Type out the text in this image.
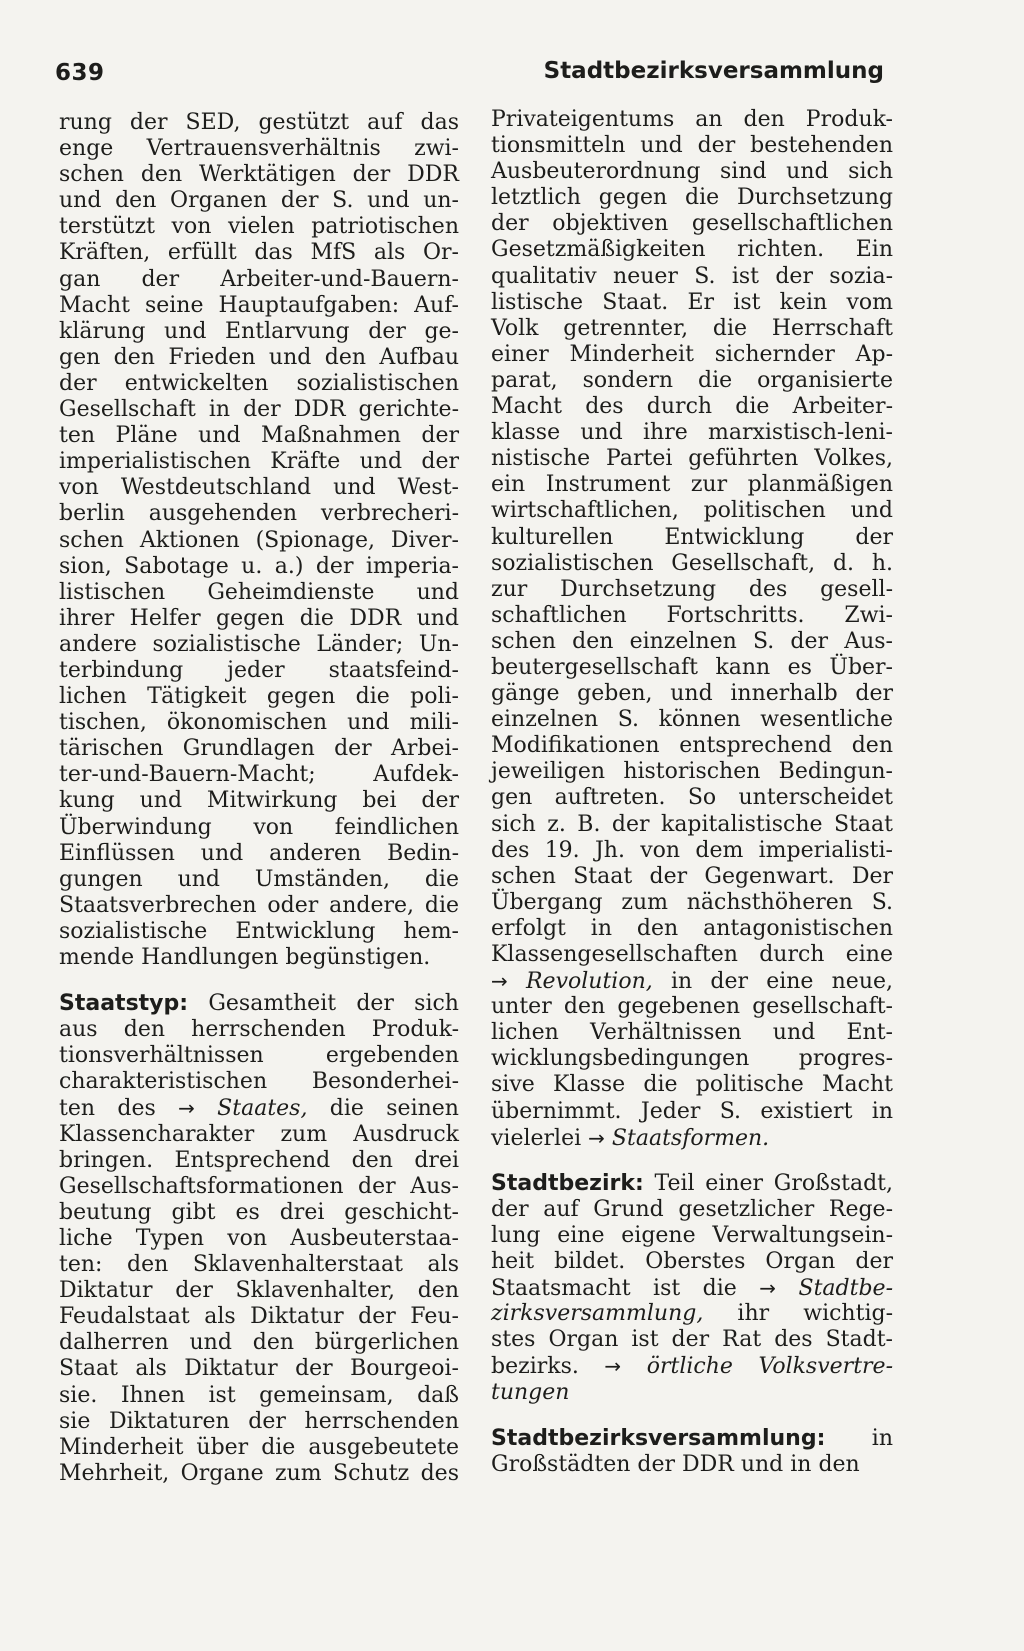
639	Stadtbezirksversammlung
rung der SED, gestützt auf das
enge Vertrauensverhältnis zwi-
schen den Werktätigen der DDR
und den Organen der S. und un-
terstützt von vielen patriotischen
Kräften, erfüllt das MfS als Or-
gan der Arbeiter-und-Bauern-
Macht seine Hauptaufgaben: Auf-
klärung und Entlarvung der ge-
gen den Frieden und den Aufbau
der entwickelten sozialistischen
Gesellschaft in der DDR gerichte-
ten Pläne und Maßnahmen der
imperialistischen Kräfte und der
von Westdeutschland und West-
berlin ausgehenden verbrecheri-
schen Aktionen (Spionage, Diver-
sion, Sabotage u. a.) der imperia-
listischen Geheimdienste und
ihrer Helfer gegen die DDR und
andere sozialistische Länder; Un-
terbindung jeder staatsfeind-
lichen Tätigkeit gegen die poli-
tischen, ökonomischen und mili-
tärischen Grundlagen der Arbei-
ter-und-Bauern-Macht; Aufdek-
kung und Mitwirkung bei der
Überwindung von feindlichen
Einflüssen und anderen Bedin-
gungen und Umständen, die
Staatsverbrechen oder andere, die
sozialistische Entwicklung hem-
mende Handlungen begünstigen.
Staatstyp: Gesamtheit der sich
aus den herrschenden Produk-
tionsverhältnissen ergebenden
charakteristischen Besonderhei-
ten des → Staates, die seinen
Klassencharakter zum Ausdruck
bringen. Entsprechend den drei
Gesellschaftsformationen der Aus-
beutung gibt es drei geschicht-
liche Typen von Ausbeuterstaa-
ten: den Sklavenhalterstaat als
Diktatur der Sklavenhalter, den
Feudalstaat als Diktatur der Feu-
dalherren und den bürgerlichen
Staat als Diktatur der Bourgeoi-
sie. Ihnen ist gemeinsam, daß
sie Diktaturen der herrschenden
Minderheit über die ausgebeutete
Mehrheit, Organe zum Schutz des
Privateigentums an den Produk-
tionsmitteln und der bestehenden
Ausbeuterordnung sind und sich
letztlich gegen die Durchsetzung
der objektiven gesellschaftlichen
Gesetzmäßigkeiten richten. Ein
qualitativ neuer S. ist der sozia-
listische Staat. Er ist kein vom
Volk getrennter, die Herrschaft
einer Minderheit sichernder Ap-
parat, sondern die organisierte
Macht des durch die Arbeiter-
klasse und ihre marxistisch-leni-
nistische Partei geführten Volkes,
ein Instrument zur planmäßigen
wirtschaftlichen, politischen und
kulturellen Entwicklung der
sozialistischen Gesellschaft, d. h.
zur Durchsetzung des gesell-
schaftlichen Fortschritts. Zwi-
schen den einzelnen S. der Aus-
beutergesellschaft kann es Über-
gänge geben, und innerhalb der
einzelnen S. können wesentliche
Modifikationen entsprechend den
jeweiligen historischen Bedingun-
gen auftreten. So unterscheidet
sich z. B. der kapitalistische Staat
des 19. Jh. von dem imperialisti-
schen Staat der Gegenwart. Der
Übergang zum nächsthöheren S.
erfolgt in den antagonistischen
Klassengesellschaften durch eine
→ Revolution, in der eine neue,
unter den gegebenen gesellschaft-
lichen Verhältnissen und Ent-
wicklungsbedingungen progres-
sive Klasse die politische Macht
übernimmt. Jeder S. existiert in
vielerlei → Staatsformen.
Stadtbezirk: Teil einer Großstadt,
der auf Grund gesetzlicher Rege-
lung eine eigene Verwaltungsein-
heit bildet. Oberstes Organ der
Staatsmacht ist die → Stadtbe-
zirksversammlung, ihr wichtig-
stes Organ ist der Rat des Stadt-
bezirks. → örtliche Volksvertre-
tungen
Stadtbezirksversammlung: in
Großstädten der DDR und in den
